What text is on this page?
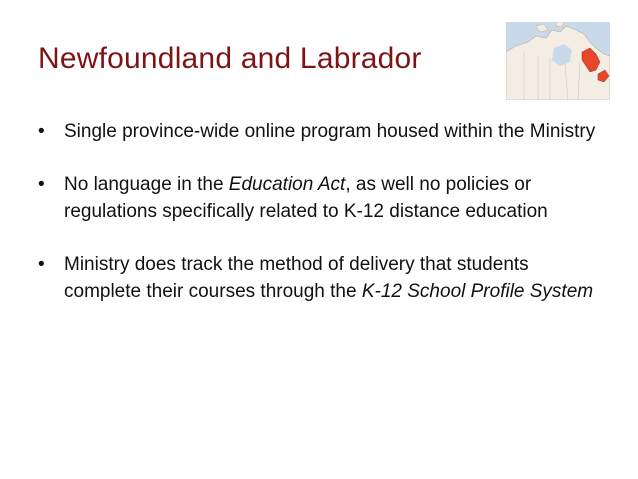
Newfoundland and Labrador
•	Single province-wide online program housed within the Ministry
•	No language in the Education Act, as well no policies or regulations specifically related to K-12 distance education
•	Ministry does track the method of delivery that students complete their courses through the K-12 School Profile System
